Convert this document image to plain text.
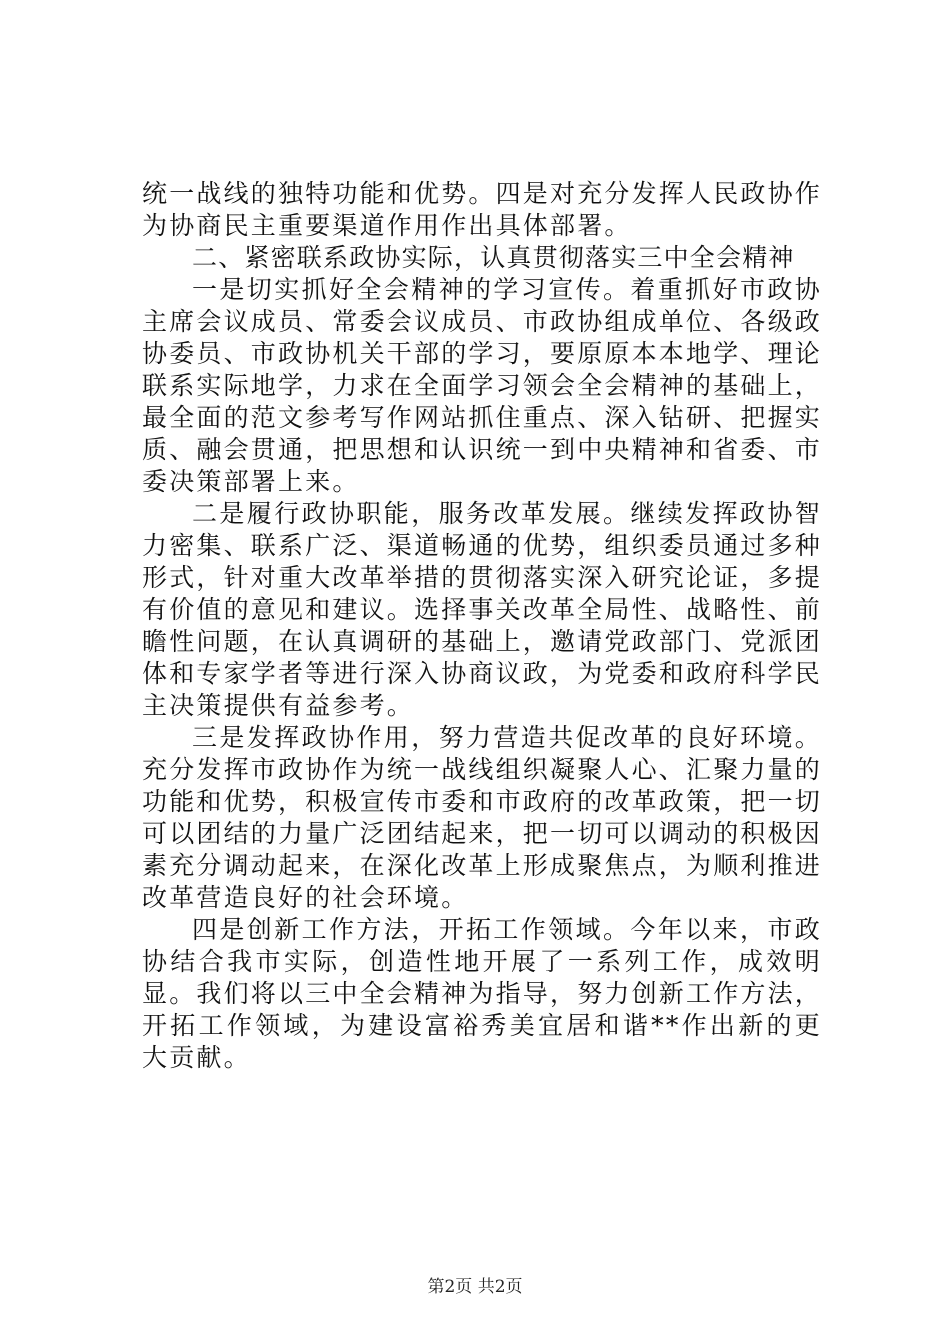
统一战线的独特功能和优势。四是对充分发挥人民政协作为协商民主重要渠道作用作出具体部署。

二、紧密联系政协实际，认真贯彻落实三中全会精神

一是切实抓好全会精神的学习宣传。着重抓好市政协主席会议成员、常委会议成员、市政协组成单位、各级政协委员、市政协机关干部的学习，要原原本本地学、理论联系实际地学，力求在全面学习领会全会精神的基础上，最全面的范文参考写作网站抓住重点、深入钻研、把握实质、融会贯通，把思想和认识统一到中央精神和省委、市委决策部署上来。

二是履行政协职能，服务改革发展。继续发挥政协智力密集、联系广泛、渠道畅通的优势，组织委员通过多种形式，针对重大改革举措的贯彻落实深入研究论证，多提有价值的意见和建议。选择事关改革全局性、战略性、前瞻性问题，在认真调研的基础上，邀请党政部门、党派团体和专家学者等进行深入协商议政，为党委和政府科学民主决策提供有益参考。

三是发挥政协作用，努力营造共促改革的良好环境。充分发挥市政协作为统一战线组织凝聚人心、汇聚力量的功能和优势，积极宣传市委和市政府的改革政策，把一切可以团结的力量广泛团结起来，把一切可以调动的积极因素充分调动起来，在深化改革上形成聚焦点，为顺利推进改革营造良好的社会环境。

四是创新工作方法，开拓工作领域。今年以来，市政协结合我市实际，创造性地开展了一系列工作，成效明显。我们将以三中全会精神为指导，努力创新工作方法，开拓工作领域，为建设富裕秀美宜居和谐**作出新的更大贡献。

第2页 共2页
